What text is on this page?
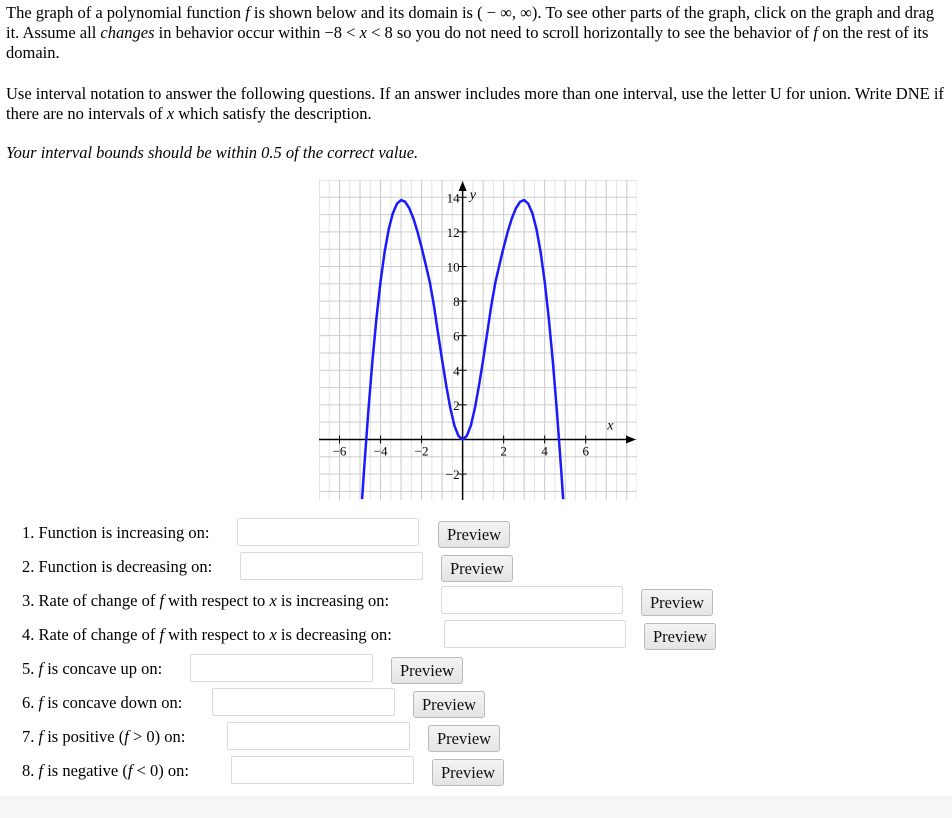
The graph of a polynomial function f is shown below and its domain is ( − ∞, ∞). To see other parts of the graph, click on the graph and drag it. Assume all changes in behavior occur within −8 < x < 8 so you do not need to scroll horizontally to see the behavior of f on the rest of its domain.
Use interval notation to answer the following questions. If an answer includes more than one interval, use the letter U for union. Write DNE if there are no intervals of x which satisfy the description.
Your interval bounds should be within 0.5 of the correct value.
−6 −4 −2	2	4	6
14
12
10
8
6
4
2
−2
x
y
1. Function is increasing on:	Preview
2. Function is decreasing on:	Preview
3. Rate of change of f with respect to x is increasing on:	Preview
4. Rate of change of f with respect to x is decreasing on:	Preview
5. f is concave up on:	Preview
6. f is concave down on:	Preview
7. f is positive (f > 0) on:	Preview
8. f is negative (f < 0) on:	Preview
